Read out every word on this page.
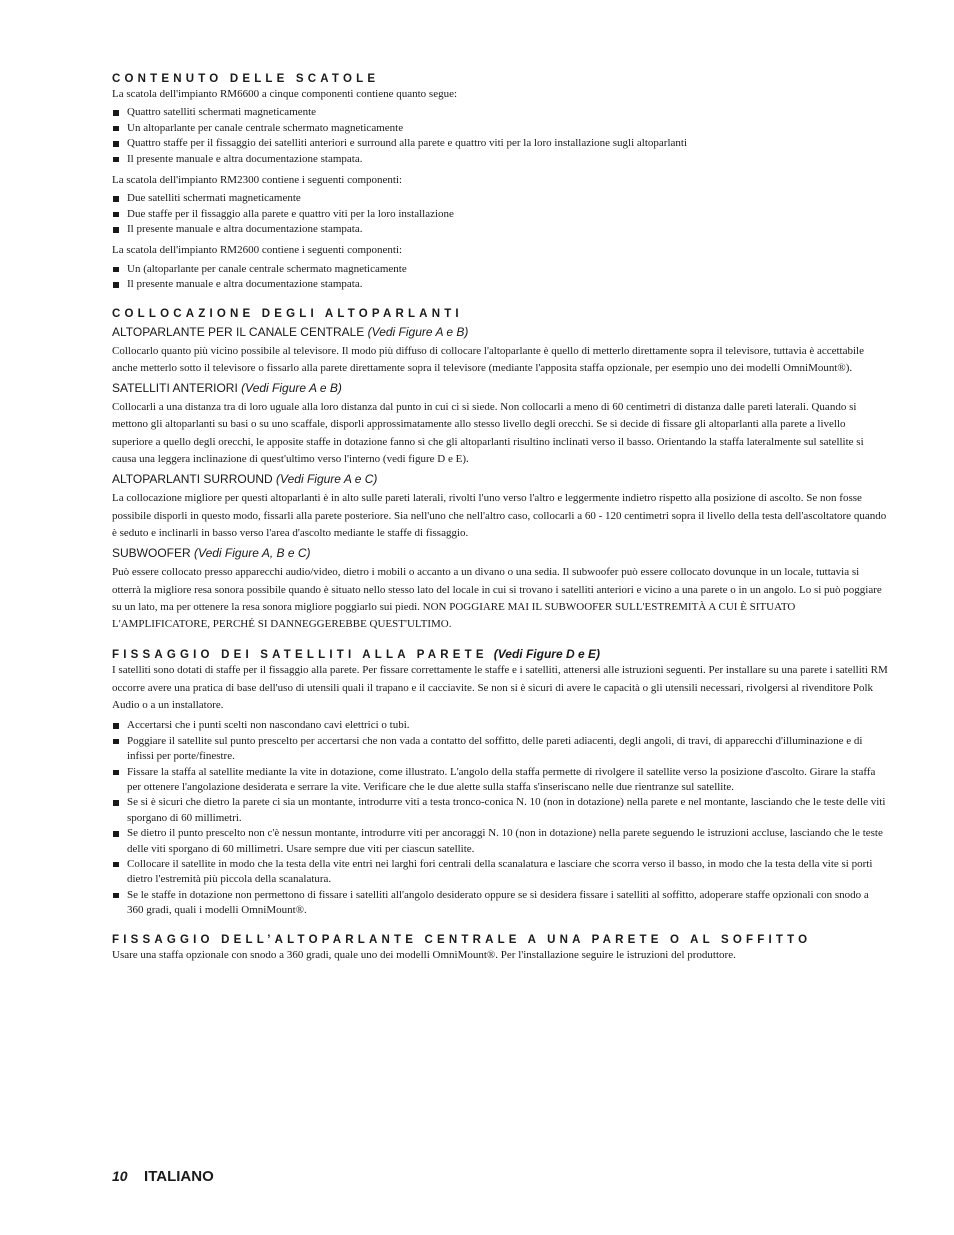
CONTENUTO DELLE SCATOLE

La scatola dell'impianto RM6600 a cinque componenti contiene quanto segue:

Quattro satelliti schermati magneticamente
Un altoparlante per canale centrale schermato magneticamente
Quattro staffe per il fissaggio dei satelliti anteriori e surround alla parete e quattro viti per la loro installazione sugli altoparlanti
Il presente manuale e altra documentazione stampata.

La scatola dell'impianto RM2300 contiene i seguenti componenti:

Due satelliti schermati magneticamente
Due staffe per il fissaggio alla parete e quattro viti per la loro installazione
Il presente manuale e altra documentazione stampata.

La scatola dell'impianto RM2600 contiene i seguenti componenti:

Un (altoparlante per canale centrale schermato magneticamente
Il presente manuale e altra documentazione stampata.
COLLOCAZIONE DEGLI ALTOPARLANTI
ALTOPARLANTE PER IL CANALE CENTRALE (Vedi Figure A e B)

Collocarlo quanto più vicino possibile al televisore. Il modo più diffuso di collocare l'altoparlante è quello di metterlo direttamente sopra il televisore, tuttavia è accettabile anche metterlo sotto il televisore o fissarlo alla parete direttamente sopra il televisore (mediante l'apposita staffa opzionale, per esempio uno dei modelli OmniMount®).

SATELLITI ANTERIORI (Vedi Figure A e B)

Collocarli a una distanza tra di loro uguale alla loro distanza dal punto in cui ci si siede. Non collocarli a meno di 60 centimetri di distanza dalle pareti laterali. Quando si mettono gli altoparlanti su basi o su uno scaffale, disporli approssimatamente allo stesso livello degli orecchi. Se si decide di fissare gli altoparlanti alla parete a livello superiore a quello degli orecchi, le apposite staffe in dotazione fanno sì che gli altoparlanti risultino inclinati verso il basso. Orientando la staffa lateralmente sul satellite si causa una leggera inclinazione di quest'ultimo verso l'interno (vedi figure D e E).

ALTOPARLANTI SURROUND (Vedi Figure A e C)

La collocazione migliore per questi altoparlanti è in alto sulle pareti laterali, rivolti l'uno verso l'altro e leggermente indietro rispetto alla posizione di ascolto. Se non fosse possibile disporli in questo modo, fissarli alla parete posteriore. Sia nell'uno che nell'altro caso, collocarli a 60 - 120 centimetri sopra il livello della testa dell'ascoltatore quando è seduto e inclinarli in basso verso l'area d'ascolto mediante le staffe di fissaggio.

SUBWOOFER (Vedi Figure A, B e C)

Può essere collocato presso apparecchi audio/video, dietro i mobili o accanto a un divano o una sedia. Il subwoofer può essere collocato dovunque in un locale, tuttavia si otterrà la migliore resa sonora possibile quando è situato nello stesso lato del locale in cui si trovano i satelliti anteriori e vicino a una parete o in un angolo. Lo si può poggiare su un lato, ma per ottenere la resa sonora migliore poggiarlo sui piedi. NON POGGIARE MAI IL SUBWOOFER SULL'ESTREMITÀ A CUI È SITUATO L'AMPLIFICATORE, PERCHÉ SI DANNEGGEREBBE QUEST'ULTIMO.

FISSAGGIO DEI SATELLITI ALLA PARETE (Vedi Figure D e E)

I satelliti sono dotati di staffe per il fissaggio alla parete. Per fissare correttamente le staffe e i satelliti, attenersi alle istruzioni seguenti. Per installare su una parete i satelliti RM occorre avere una pratica di base dell'uso di utensili quali il trapano e il cacciavite. Se non si è sicuri di avere le capacità o gli utensili necessari, rivolgersi al rivenditore Polk Audio o a un installatore.

Accertarsi che i punti scelti non nascondano cavi elettrici o tubi.
Poggiare il satellite sul punto prescelto per accertarsi che non vada a contatto del soffitto, delle pareti adiacenti, degli angoli, di travi, di apparecchi d'illuminazione e di infissi per porte/finestre.
Fissare la staffa al satellite mediante la vite in dotazione, come illustrato. L'angolo della staffa permette di rivolgere il satellite verso la posizione d'ascolto. Girare la staffa per ottenere l'angolazione desiderata e serrare la vite. Verificare che le due alette sulla staffa s'inseriscano nelle due rientranze sul satellite.
Se si è sicuri che dietro la parete ci sia un montante, introdurre viti a testa tronco-conica N. 10 (non in dotazione) nella parete e nel montante, lasciando che le teste delle viti sporgano di 60 millimetri.
Se dietro il punto prescelto non c'è nessun montante, introdurre viti per ancoraggi N. 10 (non in dotazione) nella parete seguendo le istruzioni accluse, lasciando che le teste delle viti sporgano di 60 millimetri. Usare sempre due viti per ciascun satellite.
Collocare il satellite in modo che la testa della vite entri nei larghi fori centrali della scanalatura e lasciare che scorra verso il basso, in modo che la testa della vite si porti dietro l'estremità più piccola della scanalatura.
Se le staffe in dotazione non permettono di fissare i satelliti all'angolo desiderato oppure se si desidera fissare i satelliti al soffitto, adoperare staffe opzionali con snodo a 360 gradi, quali i modelli OmniMount®.
FISSAGGIO DELL’ALTOPARLANTE CENTRALE A UNA PARETE O AL SOFFITTO

Usare una staffa opzionale con snodo a 360 gradi, quale uno dei modelli OmniMount®. Per l'installazione seguire le istruzioni del produttore.

10 ITALIANO
